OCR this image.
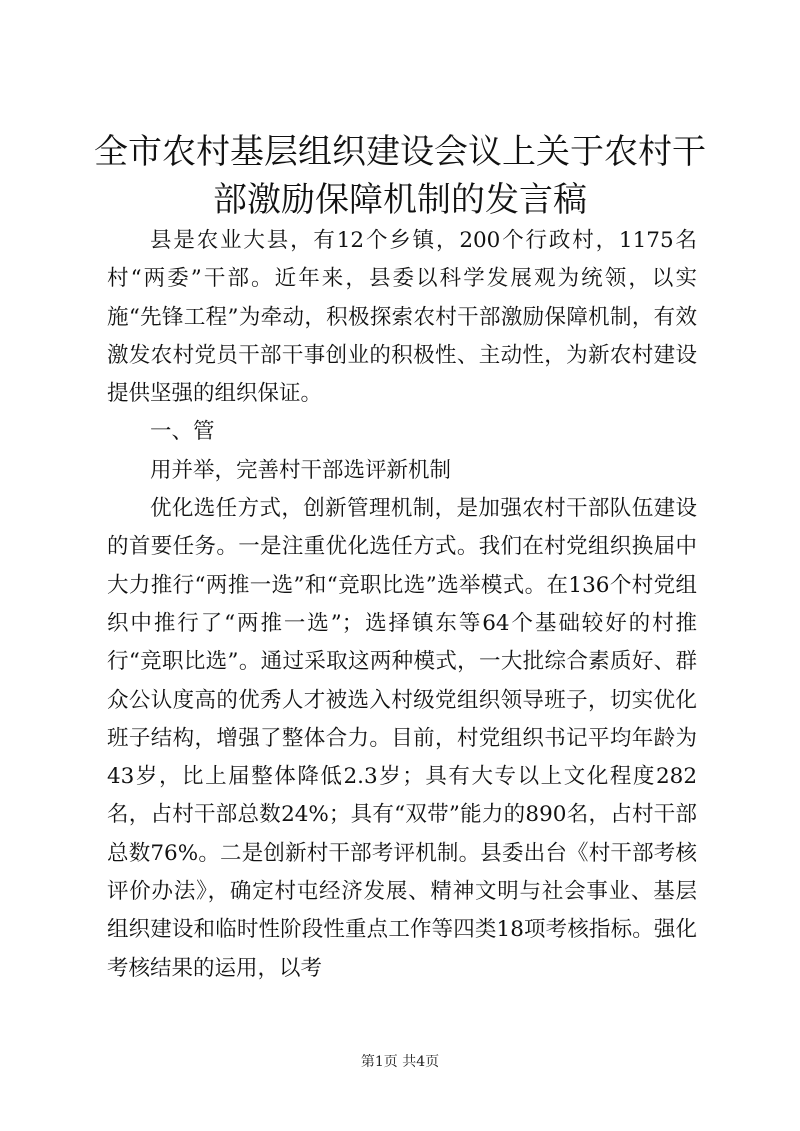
全市农村基层组织建设会议上关于农村干部激励保障机制的发言稿

县是农业大县，有12个乡镇，200个行政村，1175名村“两委”干部。近年来，县委以科学发展观为统领，以实施“先锋工程”为牵动，积极探索农村干部激励保障机制，有效激发农村党员干部干事创业的积极性、主动性，为新农村建设提供坚强的组织保证。

一、管

用并举，完善村干部选评新机制

优化选任方式，创新管理机制，是加强农村干部队伍建设的首要任务。一是注重优化选任方式。我们在村党组织换届中大力推行“两推一选”和“竞职比选”选举模式。在136个村党组织中推行了“两推一选”；选择镇东等64个基础较好的村推行“竞职比选”。通过采取这两种模式，一大批综合素质好、群众公认度高的优秀人才被选入村级党组织领导班子，切实优化班子结构，增强了整体合力。目前，村党组织书记平均年龄为43岁，比上届整体降低2.3岁；具有大专以上文化程度282名，占村干部总数24%；具有“双带”能力的890名，占村干部总数76%。二是创新村干部考评机制。县委出台《村干部考核评价办法》，确定村屯经济发展、精神文明与社会事业、基层组织建设和临时性阶段性重点工作等四类18项考核指标。强化考核结果的运用，以考

第1页 共4页
